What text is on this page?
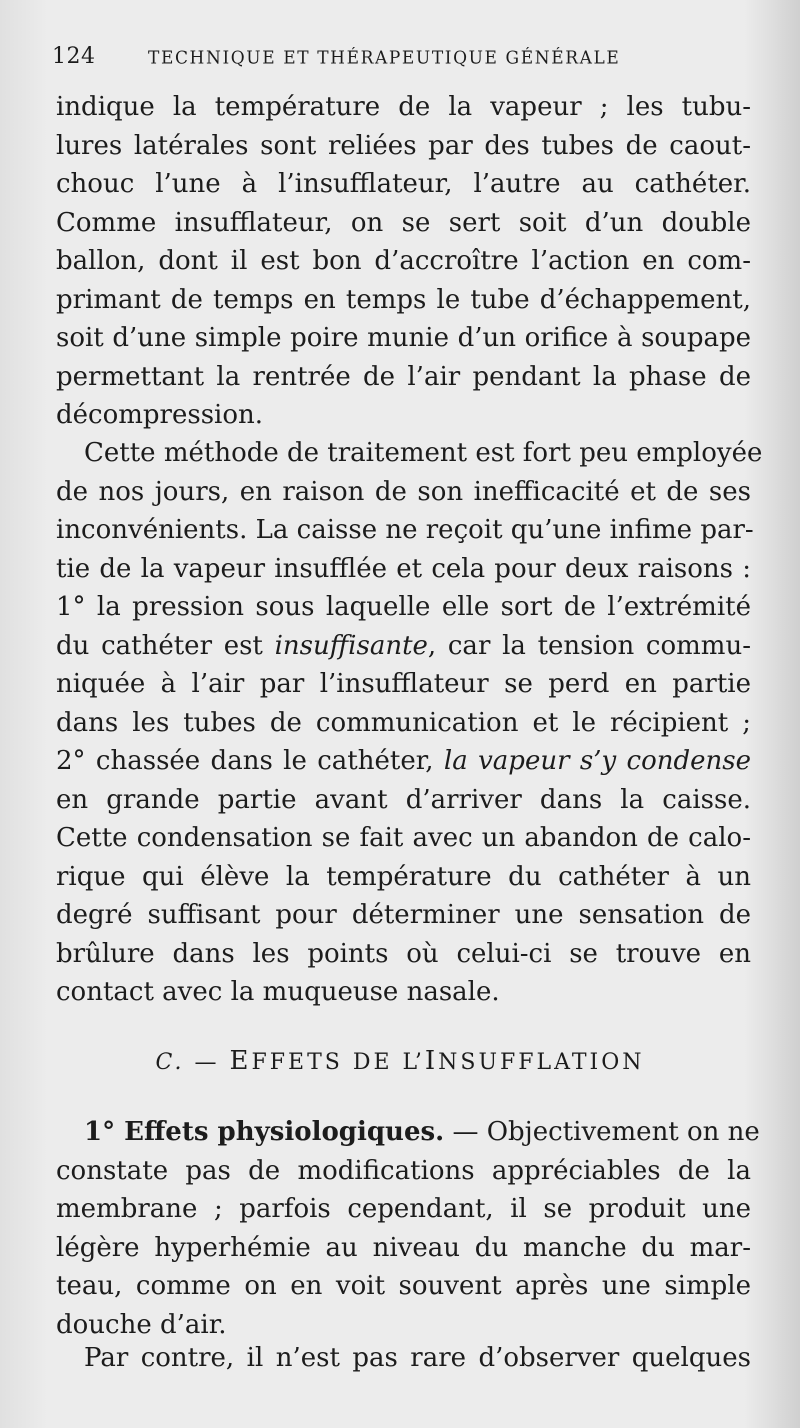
124	TECHNIQUE ET THÉRAPEUTIQUE GÉNÉRALE
indique la température de la vapeur ; les tubu-
lures latérales sont reliées par des tubes de caout-
chouc l’une à l’insufflateur, l’autre au cathéter.
Comme insufflateur, on se sert soit d’un double
ballon, dont il est bon d’accroître l’action en com-
primant de temps en temps le tube d’échappement,
soit d’une simple poire munie d’un orifice à soupape
permettant la rentrée de l’air pendant la phase de
décompression.
Cette méthode de traitement est fort peu employée
de nos jours, en raison de son inefficacité et de ses
inconvénients. La caisse ne reçoit qu’une infime par-
tie de la vapeur insufflée et cela pour deux raisons :
1° la pression sous laquelle elle sort de l’extrémité
du cathéter est insuffisante, car la tension commu-
niquée à l’air par l’insufflateur se perd en partie
dans les tubes de communication et le récipient ;
2° chassée dans le cathéter, la vapeur s’y condense
en grande partie avant d’arriver dans la caisse.
Cette condensation se fait avec un abandon de calo-
rique qui élève la température du cathéter à un
degré suffisant pour déterminer une sensation de
brûlure dans les points où celui-ci se trouve en
contact avec la muqueuse nasale.
C. — EFFETS DE L’INSUFFLATION
1° Effets physiologiques. — Objectivement on ne
constate pas de modifications appréciables de la
membrane ; parfois cependant, il se produit une
légère hyperhémie au niveau du manche du mar-
teau, comme on en voit souvent après une simple
douche d’air.
Par contre, il n’est pas rare d’observer quelques
